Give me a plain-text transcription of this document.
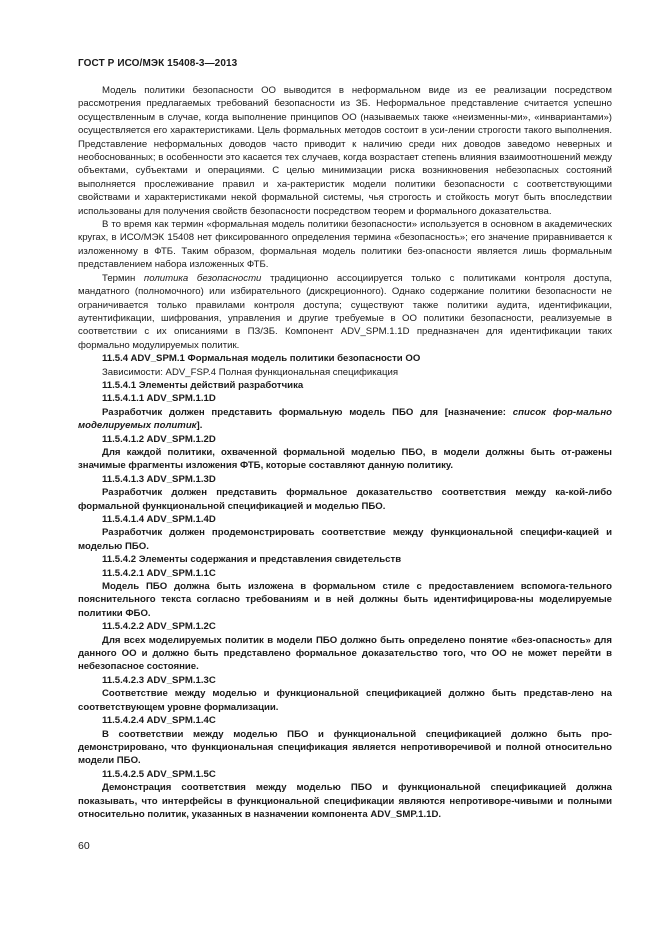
ГОСТ Р ИСО/МЭК 15408-3—2013

Модель политики безопасности ОО выводится в неформальном виде из ее реализации посредством рассмотрения предлагаемых требований безопасности из ЗБ. Неформальное представление считается успешно осуществленным в случае, когда выполнение принципов ОО (называемых также «неизменны-ми», «инвариантами») осуществляется его характеристиками. Цель формальных методов состоит в уси-лении строгости такого выполнения. Представление неформальных доводов часто приводит к наличию среди них доводов заведомо неверных и необоснованных; в особенности это касается тех случаев, когда возрастает степень влияния взаимоотношений между объектами, субъектами и операциями. С целью минимизации риска возникновения небезопасных состояний выполняется прослеживание правил и ха-рактеристик модели политики безопасности с соответствующими свойствами и характеристиками некой формальной системы, чья строгость и стойкость могут быть впоследствии использованы для получения свойств безопасности посредством теорем и формального доказательства.

В то время как термин «формальная модель политики безопасности» используется в основном в академических кругах, в ИСО/МЭК 15408 нет фиксированного определения термина «безопасность»; его значение приравнивается к изложенному в ФТБ. Таким образом, формальная модель политики без-опасности является лишь формальным представлением набора изложенных ФТБ.

Термин политика безопасности традиционно ассоциируется только с политиками контроля доступа, мандатного (полномочного) или избирательного (дискреционного). Однако содержание политики безопасности не ограничивается только правилами контроля доступа; существуют также политики аудита, идентификации, аутентификации, шифрования, управления и другие требуемые в ОО политики безопасности, реализуемые в соответствии с их описаниями в ПЗ/ЗБ. Компонент ADV_SPM.1.1D предназначен для идентификации таких формально модулируемых политик.

11.5.4 ADV_SPM.1 Формальная модель политики безопасности ОО

Зависимости: ADV_FSP.4 Полная функциональная спецификация

11.5.4.1 Элементы действий разработчика

11.5.4.1.1 ADV_SPM.1.1D

Разработчик должен представить формальную модель ПБО для [назначение: список фор-мально моделируемых политик].

11.5.4.1.2 ADV_SPM.1.2D

Для каждой политики, охваченной формальной моделью ПБО, в модели должны быть от-ражены значимые фрагменты изложения ФТБ, которые составляют данную политику.

11.5.4.1.3 ADV_SPM.1.3D

Разработчик должен представить формальное доказательство соответствия между ка-кой-либо формальной функциональной спецификацией и моделью ПБО.

11.5.4.1.4 ADV_SPM.1.4D

Разработчик должен продемонстрировать соответствие между функциональной специфи-кацией и моделью ПБО.

11.5.4.2 Элементы содержания и представления свидетельств

11.5.4.2.1 ADV_SPM.1.1C

Модель ПБО должна быть изложена в формальном стиле с предоставлением вспомога-тельного пояснительного текста согласно требованиям и в ней должны быть идентифицирова-ны моделируемые политики ФБО.

11.5.4.2.2 ADV_SPM.1.2C

Для всех моделируемых политик в модели ПБО должно быть определено понятие «без-опасность» для данного ОО и должно быть представлено формальное доказательство того, что ОО не может перейти в небезопасное состояние.

11.5.4.2.3 ADV_SPM.1.3C

Соответствие между моделью и функциональной спецификацией должно быть представ-лено на соответствующем уровне формализации.

11.5.4.2.4 ADV_SPM.1.4C

В соответствии между моделью ПБО и функциональной спецификацией должно быть про-демонстрировано, что функциональная спецификация является непротиворечивой и полной относительно модели ПБО.

11.5.4.2.5 ADV_SPM.1.5C

Демонстрация соответствия между моделью ПБО и функциональной спецификацией должна показывать, что интерфейсы в функциональной спецификации являются непротиворе-чивыми и полными относительно политик, указанных в назначении компонента ADV_SMP.1.1D.

60
